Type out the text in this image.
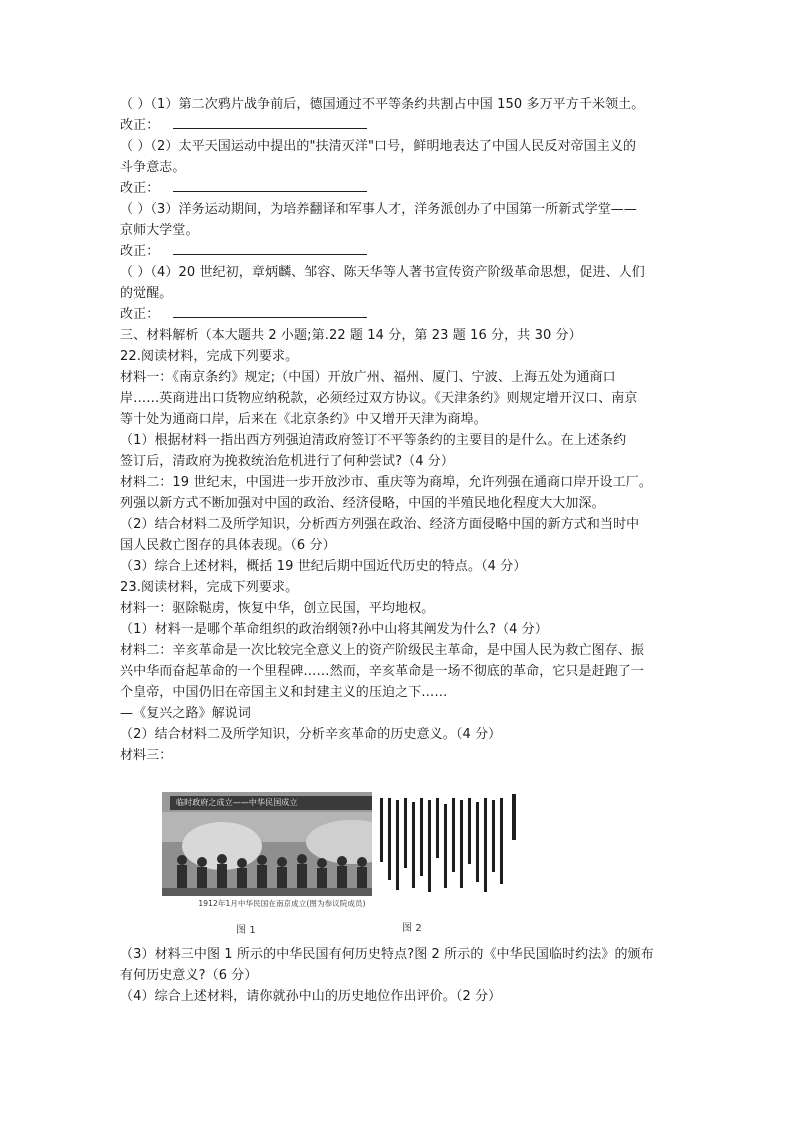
（ ）（1）第二次鸦片战争前后，德国通过不平等条约共割占中国 150 多万平方千米领土。
改正：
（ ）（2）太平天国运动中提出的"扶清灭洋"口号，鲜明地表达了中国人民反对帝国主义的
斗争意志。
改正：
（ ）（3）洋务运动期间，为培养翻译和军事人才，洋务派创办了中国第一所新式学堂——
京师大学堂。
改正：
（ ）（4）20 世纪初，章炳麟、邹容、陈天华等人著书宣传资产阶级革命思想，促进、人们
的觉醒。
改正：
三、材料解析（本大题共 2 小题;第.22 题 14 分，第 23 题 16 分，共 30 分）
22.阅读材料，完成下列要求。
材料一：《南京条约》规定;（中国）开放广州、福州、厦门、宁波、上海五处为通商口
岸……英商进出口货物应纳税款，必须经过双方协议。《天津条约》则规定增开汉口、南京
等十处为通商口岸，后来在《北京条约》中又增开天津为商埠。
（1）根据材料一指出西方列强迫清政府签订不平等条约的主要目的是什么。在上述条约
签订后，清政府为挽救统治危机进行了何种尝试?（4 分）
材料二：19 世纪末，中国进一步开放沙市、重庆等为商埠，允许列强在通商口岸开设工厂。
列强以新方式不断加强对中国的政治、经济侵略，中国的半殖民地化程度大大加深。
（2）结合材料二及所学知识，分析西方列强在政治、经济方面侵略中国的新方式和当时中
国人民救亡图存的具体表现。（6 分）
（3）综合上述材料，概括 19 世纪后期中国近代历史的特点。（4 分）
23.阅读材料，完成下列要求。
材料一：驱除鞑虏，恢复中华，创立民国，平均地权。
（1）材料一是哪个革命组织的政治纲领?孙中山将其阐发为什么?（4 分）
材料二：辛亥革命是一次比较完全意义上的资产阶级民主革命，是中国人民为救亡图存、振
兴中华而奋起革命的一个里程碑……然而，辛亥革命是一场不彻底的革命，它只是赶跑了一
个皇帝，中国仍旧在帝国主义和封建主义的压迫之下……
—《复兴之路》解说词
（2）结合材料二及所学知识，分析辛亥革命的历史意义。（4 分）
材料三：
临时政府之成立——中华民国成立
1912年1月中华民国在南京成立(图为参议院成员)
图 1	图 2
（3）材料三中图 1 所示的中华民国有何历史特点?图 2 所示的《中华民国临时约法》的颁布
有何历史意义?（6 分）
（4）综合上述材料，请你就孙中山的历史地位作出评价。（2 分）
